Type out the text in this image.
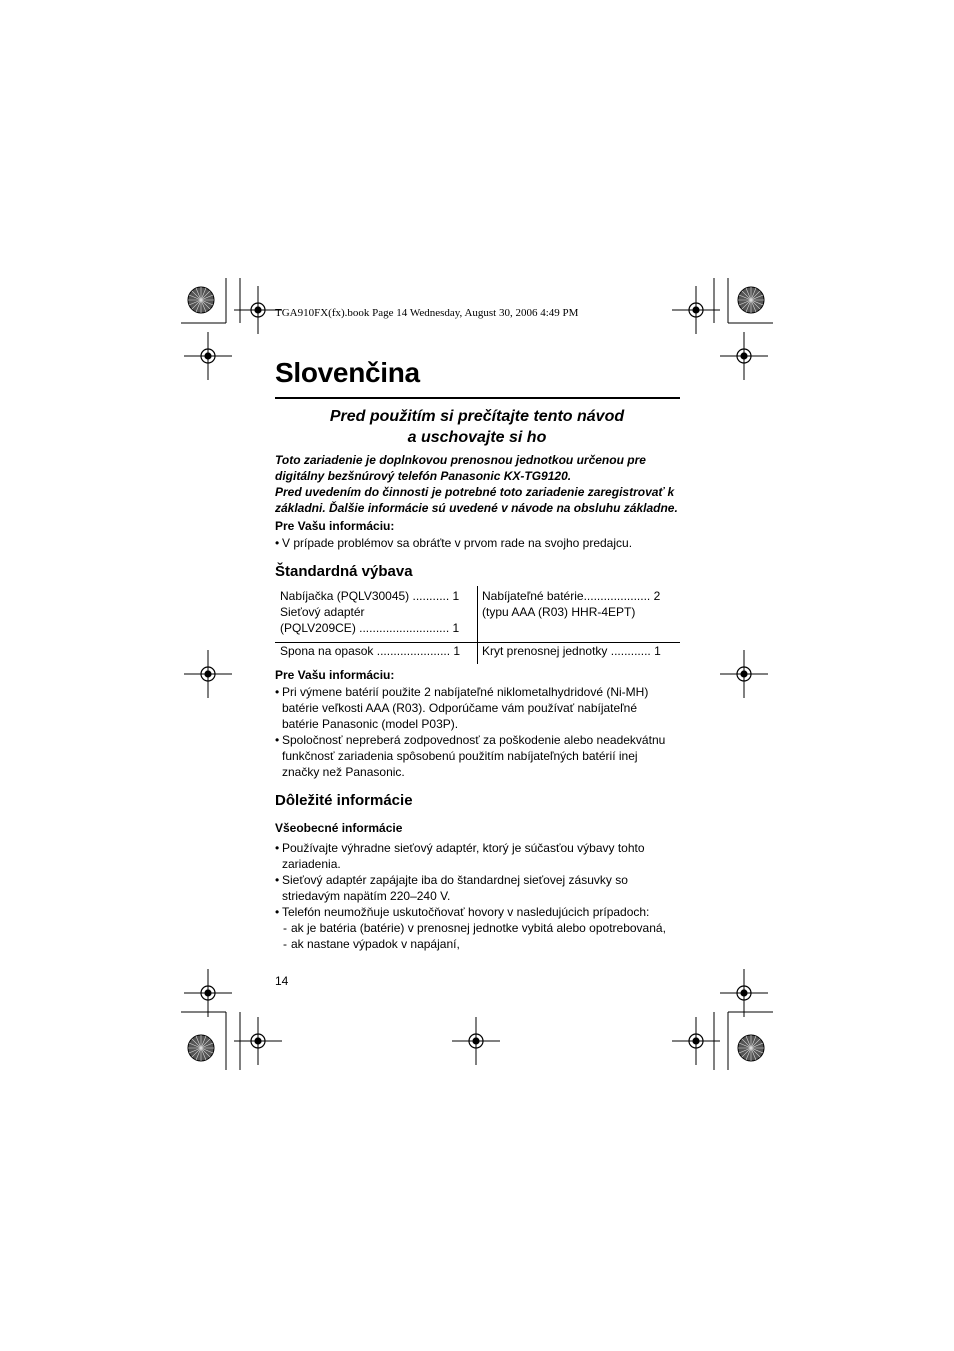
TGA910FX(fx).book Page 14 Wednesday, August 30, 2006 4:49 PM
Slovenčina
Pred použitím si prečítajte tento návod
a uschovajte si ho
Toto zariadenie je doplnkovou prenosnou jednotkou určenou pre
digitálny bezšnúrový telefón Panasonic KX-TG9120.
Pred uvedením do činnosti je potrebné toto zariadenie zaregistrovať k
základni. Ďalšie informácie sú uvedené v návode na obsluhu základne.
Pre Vašu informáciu:
• V prípade problémov sa obráťte v prvom rade na svojho predajcu.
Štandardná výbava
Nabíjačka (PQLV30045) ........... 1
Sieťový adaptér
(PQLV209CE) ........................... 1
Nabíjateľné batérie.................... 2
(typu AAA (R03) HHR-4EPT)
Spona na opasok ...................... 1 Kryt prenosnej jednotky ............ 1
Pre Vašu informáciu:
• Pri výmene batérií použite 2 nabíjateľné niklometalhydridové (Ni-MH)
batérie veľkosti AAA (R03). Odporúčame vám používať nabíjateľné
batérie Panasonic (model P03P).
• Spoločnosť nepreberá zodpovednosť za poškodenie alebo neadekvátnu
funkčnosť zariadenia spôsobenú použitím nabíjateľných batérií inej
značky než Panasonic.
Dôležité informácie
Všeobecné informácie
• Používajte výhradne sieťový adaptér, ktorý je súčasťou výbavy tohto
zariadenia.
• Sieťový adaptér zapájajte iba do štandardnej sieťovej zásuvky so
striedavým napätím 220–240 V.
• Telefón neumožňuje uskutočňovať hovory v nasledujúcich prípadoch:
- ak je batéria (batérie) v prenosnej jednotke vybitá alebo opotrebovaná,
- ak nastane výpadok v napájaní,
14
